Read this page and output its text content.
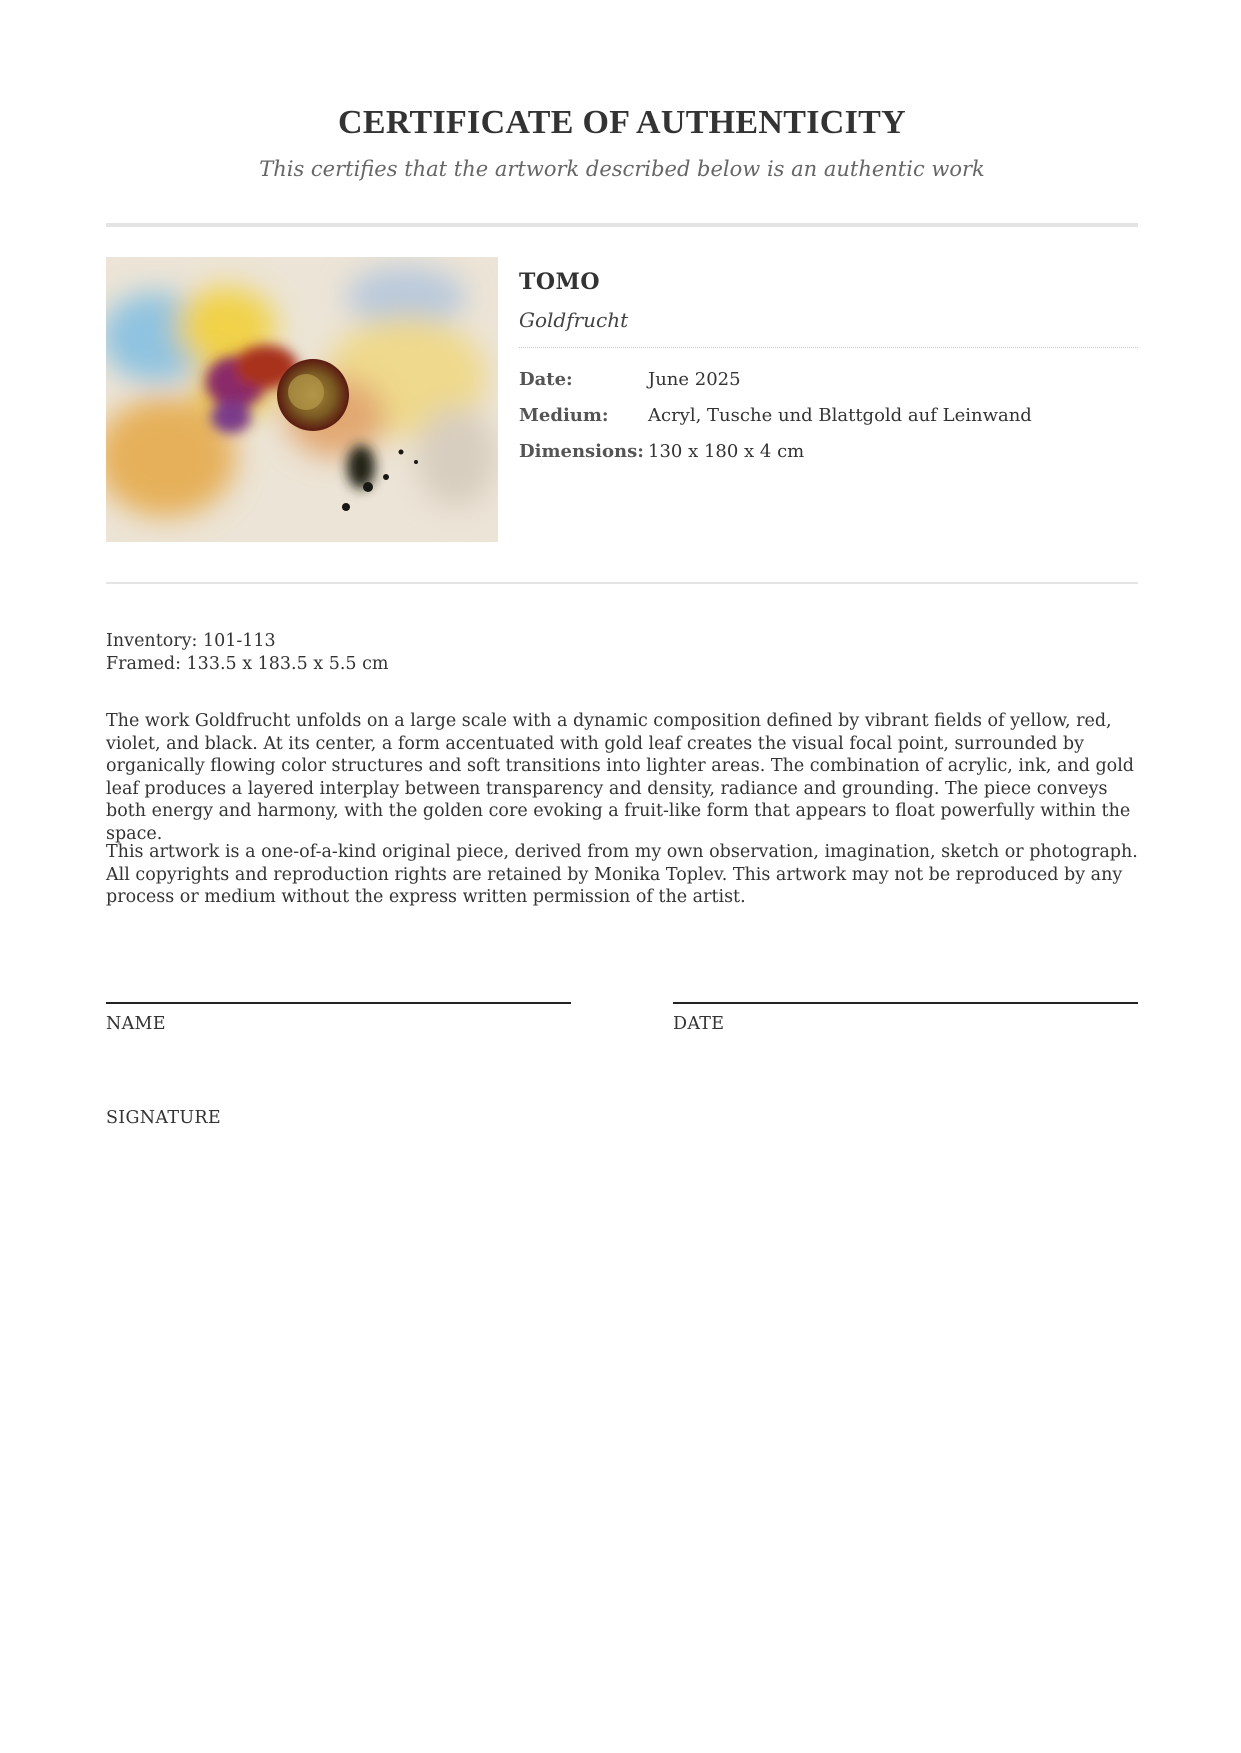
CERTIFICATE OF AUTHENTICITY
This certifies that the artwork described below is an authentic work
TOMO
Goldfrucht
Date:	June 2025
Medium:	Acryl, Tusche und Blattgold auf Leinwand
Dimensions: 130 x 180 x 4 cm
Inventory: 101-113
Framed: 133.5 x 183.5 x 5.5 cm

The work Goldfrucht unfolds on a large scale with a dynamic composition defined by vibrant fields of yellow, red, violet, and black. At its center, a form accentuated with gold leaf creates the visual focal point, surrounded by organically flowing color structures and soft transitions into lighter areas. The combination of acrylic, ink, and gold leaf produces a layered interplay between transparency and density, radiance and grounding. The piece conveys both energy and harmony, with the golden core evoking a fruit-like form that appears to float powerfully within the space.

This artwork is a one-of-a-kind original piece, derived from my own observation, imagination, sketch or photograph. All copyrights and reproduction rights are retained by Monika Toplev. This artwork may not be reproduced by any process or medium without the express written permission of the artist.

NAME	DATE
SIGNATURE
